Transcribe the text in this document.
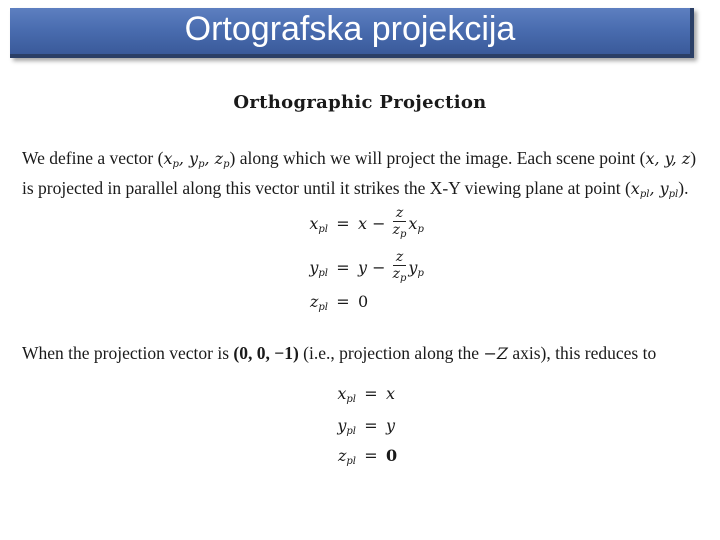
Ortografska projekcija
Orthographic Projection
We define a vector ($x_p$, $y_p$, $z_p$) along which we will project the image. Each scene point (x, y, z)
is projected in parallel along this vector until it strikes the X-Y viewing plane at point ($x_{pl}$, $y_{pl}$).
$x_{pl} = x - \frac{z}{z_p} x_p$
$y_{pl} = y - \frac{z}{z_p} y_p$
$z_{pl} = 0$
When the projection vector is (0, 0, −1) (i.e., projection along the −Z axis), this reduces to
$x_{pl} = x$
$y_{pl} = y$
$z_{pl} = 0$
